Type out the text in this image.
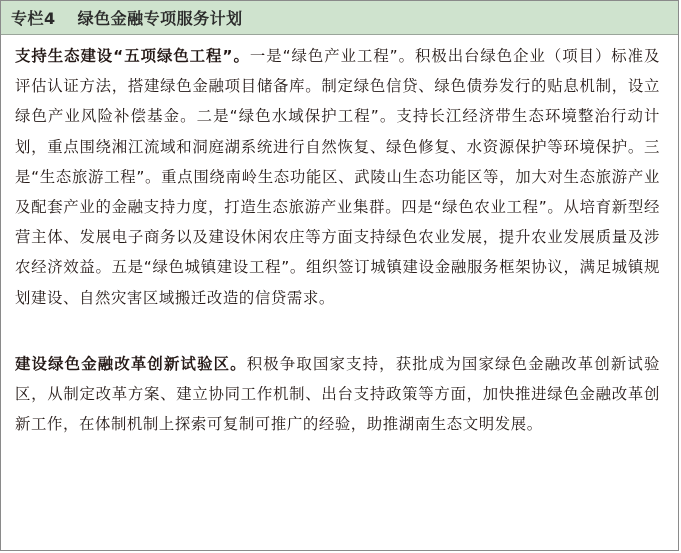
专栏4 绿色金融专项服务计划

支持生态建设“五项绿色工程”。一是“绿色产业工程”。积极出台绿色企业（项目）标准及评估认证方法，搭建绿色金融项目储备库。制定绿色信贷、绿色债券发行的贴息机制，设立绿色产业风险补偿基金。二是“绿色水域保护工程”。支持长江经济带生态环境整治行动计划，重点围绕湘江流域和洞庭湖系统进行自然恢复、绿色修复、水资源保护等环境保护。三是“生态旅游工程”。重点围绕南岭生态功能区、武陵山生态功能区等，加大对生态旅游产业及配套产业的金融支持力度，打造生态旅游产业集群。四是“绿色农业工程”。从培育新型经营主体、发展电子商务以及建设休闲农庄等方面支持绿色农业发展，提升农业发展质量及涉农经济效益。五是“绿色城镇建设工程”。组织签订城镇建设金融服务框架协议，满足城镇规划建设、自然灾害区域搬迁改造的信贷需求。

建设绿色金融改革创新试验区。积极争取国家支持，获批成为国家绿色金融改革创新试验区，从制定改革方案、建立协同工作机制、出台支持政策等方面，加快推进绿色金融改革创新工作，在体制机制上探索可复制可推广的经验，助推湖南生态文明发展。
